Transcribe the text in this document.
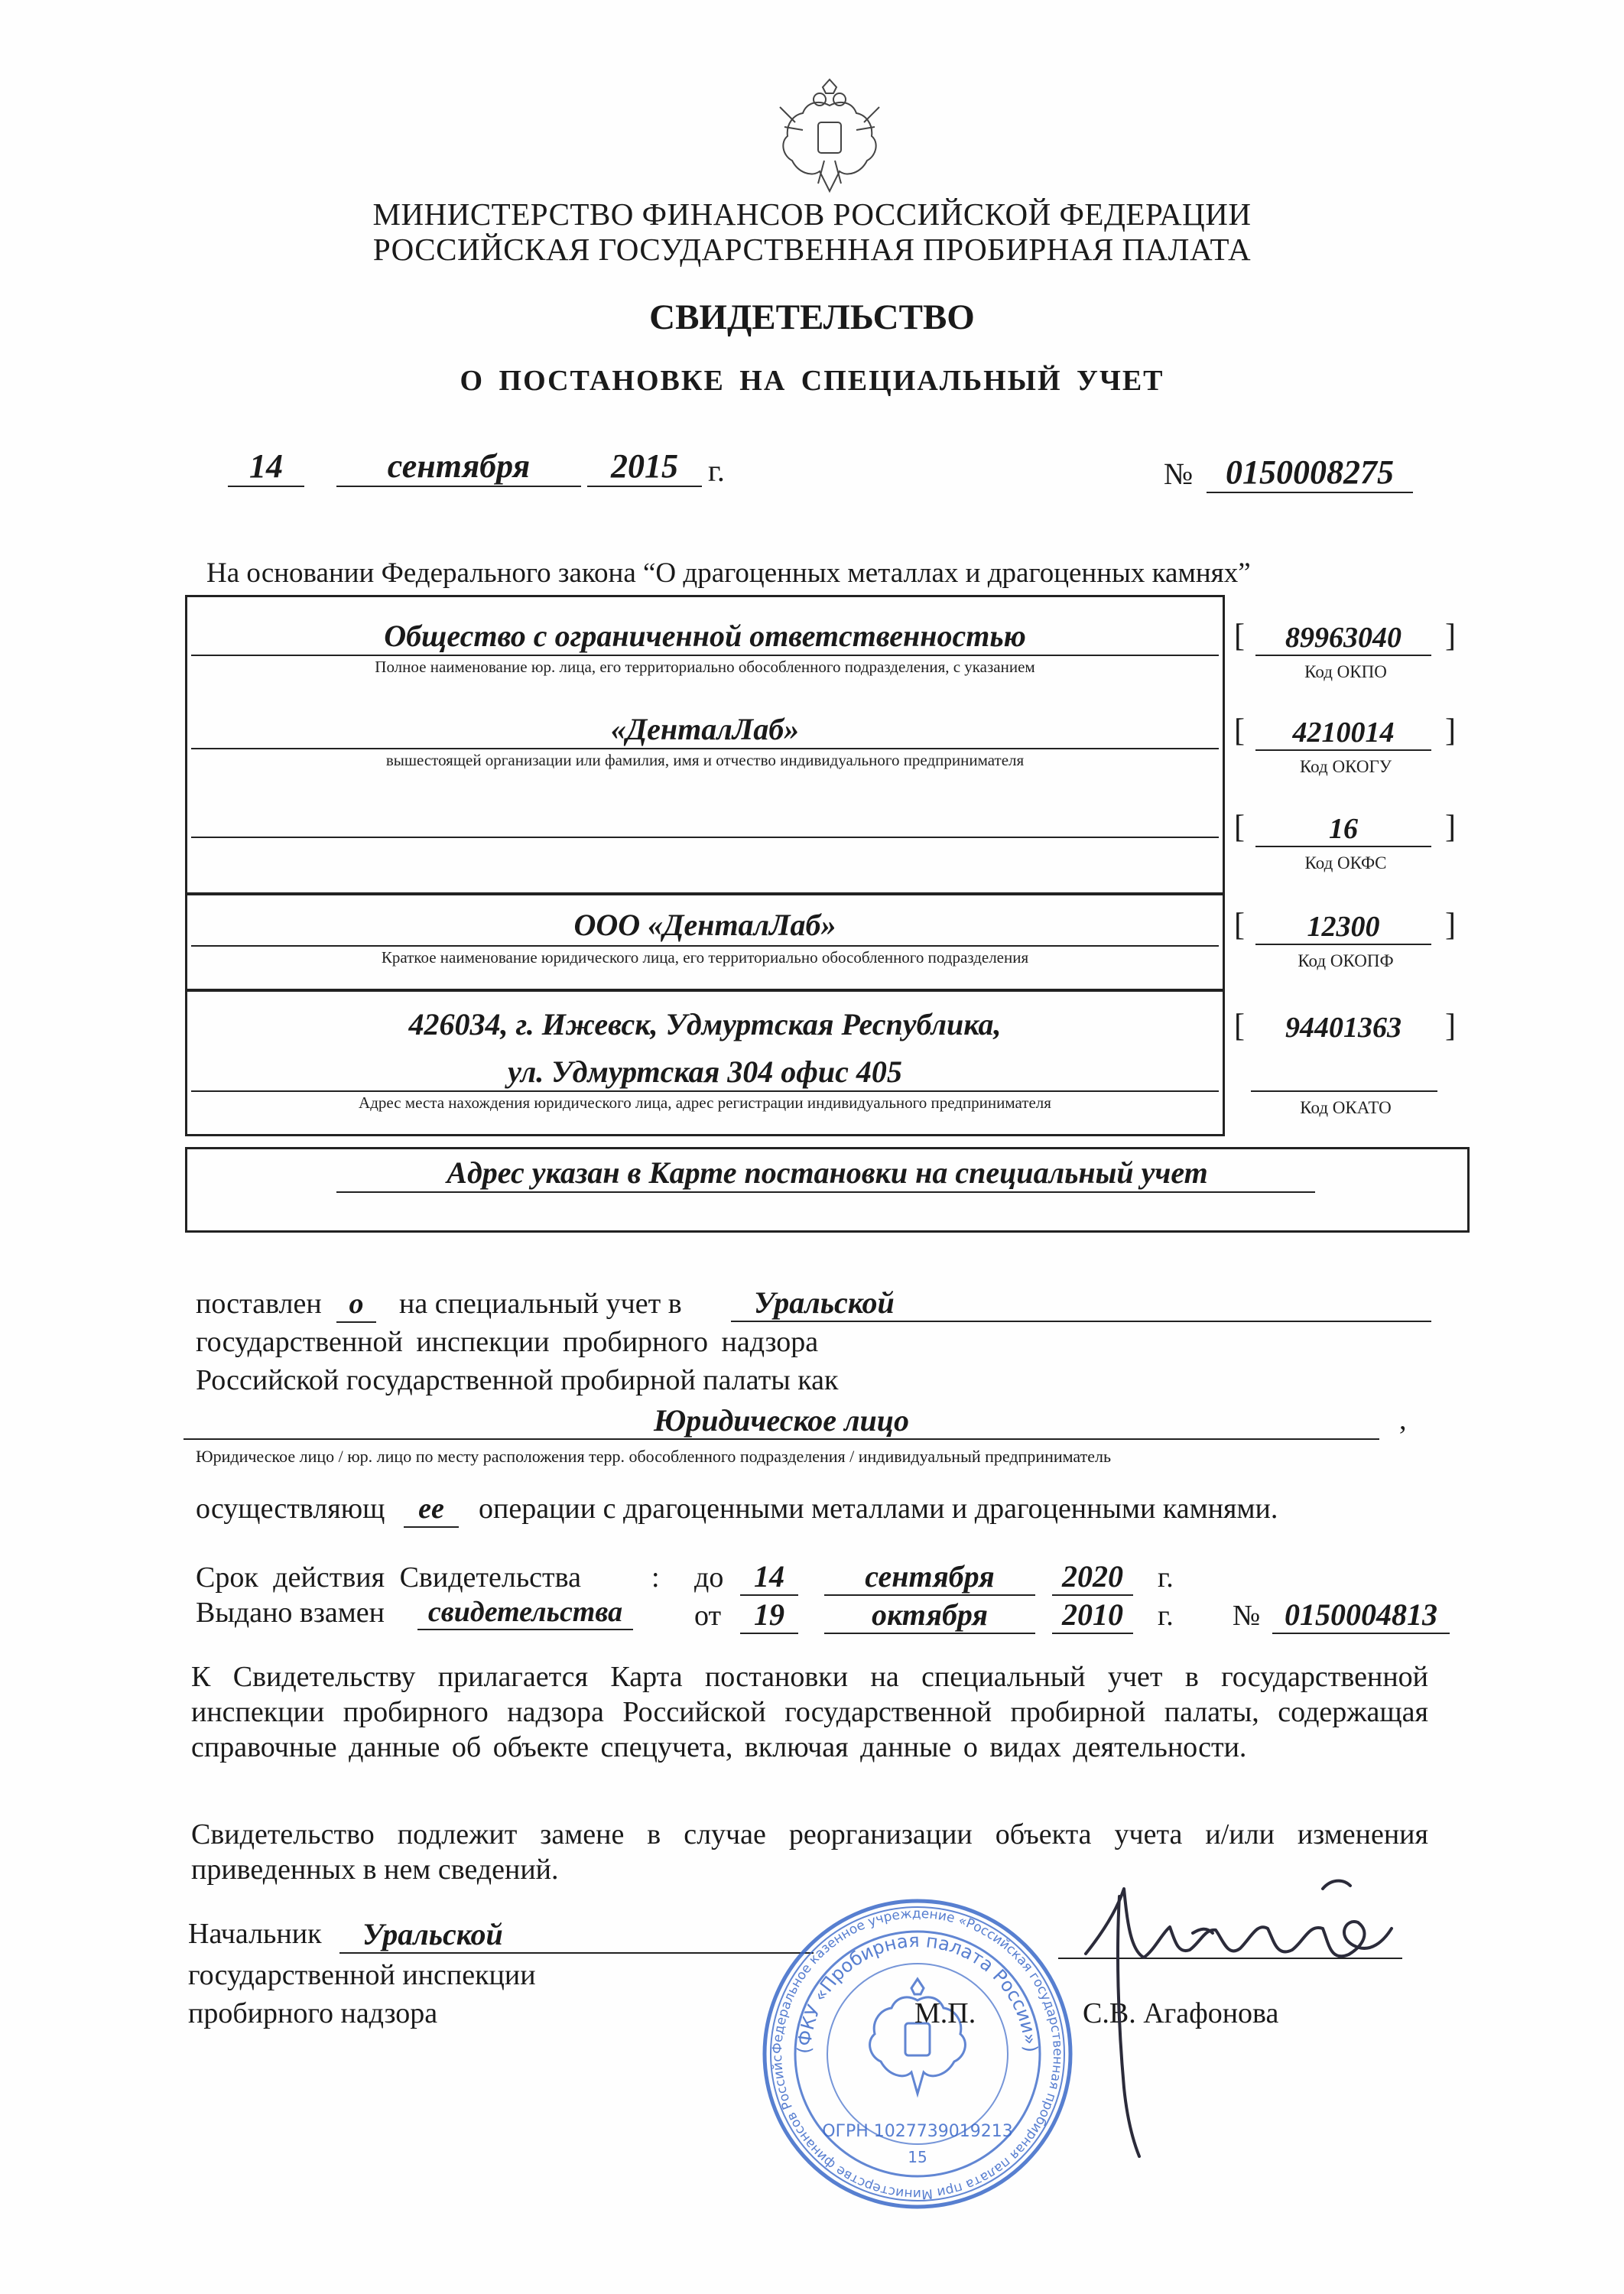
МИНИСТЕРСТВО ФИНАНСОВ РОССИЙСКОЙ ФЕДЕРАЦИИ
РОССИЙСКАЯ ГОСУДАРСТВЕННАЯ ПРОБИРНАЯ ПАЛАТА
СВИДЕТЕЛЬСТВО
О ПОСТАНОВКЕ НА СПЕЦИАЛЬНЫЙ УЧЕТ
14	сентября	2015 г.	№ 0150008275
На основании Федерального закона “О драгоценных металлах и драгоценных камнях”
Общество с ограниченной ответственностью
Полное наименование юр. лица, его территориально обособленного подразделения, с указанием
«ДенталЛаб»
вышестоящей организации или фамилия, имя и отчество индивидуального предпринимателя
ООО «ДенталЛаб»
Краткое наименование юридического лица, его территориально обособленного подразделения
426034, г. Ижевск, Удмуртская Республика,
ул. Удмуртская 304 офис 405
Адрес места нахождения юридического лица, адрес регистрации индивидуального предпринимателя
Адрес указан в Карте постановки на специальный учет
[	89963040	]
Код ОКПО
[	4210014	]
Код ОКОГУ
[	16	]
Код ОКФС
[	12300	]
Код ОКОПФ
[	94401363	]
Код ОКАТО
поставлен о	на специальный учет в	Уральской
государственной инспекции пробирного надзора
Российской государственной пробирной палаты как
Юридическое лицо	,
Юридическое лицо / юр. лицо по месту расположения терр. обособленного подразделения / индивидуальный предприниматель
осуществляющ	ее	операции с драгоценными металлами и драгоценными камнями.
Срок действия Свидетельства : до 14	сентября	2020	г.
Выдано взамен	свидетельства	от	19	октября	2010	г. № 0150004813
К Свидетельству прилагается Карта постановки на специальный учет в государственной инспекции пробирного надзора Российской государственной пробирной палаты, содержащая справочные данные об объекте спецучета, включая данные о видах деятельности.
Свидетельство подлежит замене в случае реорганизации объекта учета и/или изменения приведенных в нем сведений.
Начальник	Уральской
государственной инспекции
пробирного надзора	С.В. Агафонова
Федеральное казенное учреждение «Российская государственная пробирная палата при Министерстве финансов Российс
(ФКУ «Пробирная палата России»)
ОГРН 1027739019213
15
М.П.
